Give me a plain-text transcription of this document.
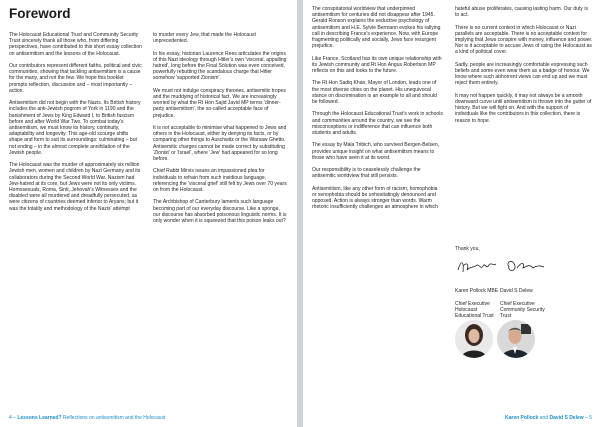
Foreword

The Holocaust Educational Trust and Community Security Trust sincerely thank all those who, from differing perspectives, have contributed to this short essay collection on antisemitism and the lessons of the Holocaust.

Our contributors represent different faiths, political and civic communities, showing that tackling antisemitism is a cause for the many, and not the few. We hope this booklet prompts reflection, discussion and – most importantly – action.

Antisemitism did not begin with the Nazis. Its British history includes the anti-Jewish pogrom of York in 1190 and the banishment of Jews by King Edward I, to British fascism before and after World War Two. To combat today's antisemitism, we must know its history, continuity, adaptability and longevity. This age-old scourge shifts shape and form to suit its surroundings: culminating – but not ending – in the almost complete annihilation of the Jewish people.

The Holocaust was the murder of approximately six million Jewish men, women and children by Nazi Germany and its collaborators during the Second World War. Nazism had Jew-hatred at its core, but Jews were not its only victims. Homosexuals, Roma, Sinti, Jehovah's Witnesses and the disabled were all murdered and dreadfully persecuted, as were citizens of countries deemed inferior to Aryans; but it was the totality and methodology of the Nazis' attempt

to murder every Jew, that made the Holocaust unprecedented.

In his essay, historian Laurence Rees articulates the origins of this Nazi ideology through Hitler's own 'visceral, appalling hatred', long before the Final Solution was even conceived, powerfully rebutting the scandalous charge that Hitler somehow 'supported Zionism'.

We must not indulge conspiracy theories, antisemitic tropes and the muddying of historical fact. We are increasingly worried by what the Rt Hon Sajid Javid MP terms 'dinner-party antisemitism', the so-called acceptable face of prejudice.

It is not acceptable to minimise what happened to Jews and others in the Holocaust, either by denying its facts, or by comparing other things to Auschwitz or the Warsaw Ghetto. Antisemitic charges cannot be made correct by substituting 'Zionist' or 'Israel', where 'Jew' had appeared for so long before.

Chief Rabbi Mirvis issues an impassioned plea for individuals to refrain from such insidious language, referencing the 'visceral grief' still felt by Jews over 70 years on from the Holocaust.

The Archbishop of Canterbury laments such language becoming part of our everyday discourse. Like a sponge, our discourse has absorbed poisonous linguistic norms. It is only wonder when it is squeezed that this poison leaks out?

4 – Lessons Learned? Reflections on antisemitism and the Holocaust

The conspiratorial worldview that underpinned antisemitism for centuries did not disappear after 1945. Gerald Ronson explains the seductive psychology of antisemitism and H.E. Sylvie Bermann evokes his rallying call in describing France's experience. Now, with Europe fragmenting politically and socially, Jews face resurgent prejudice.

Like France, Scotland has its own unique relationship with its Jewish community and Rt Hon Angus Robertson MP reflects on this and looks to the future.

The Rt Hon Sadiq Khan, Mayor of London, leads one of the most diverse cities on the planet. His unequivocal stance on discrimination is an example to all and should be followed.

Through the Holocaust Educational Trust's work in schools and communities around the country, we see the misconceptions or indifference that can influence both students and adults.

The essay by Mala Tribich, who survived Bergen-Belsen, provides unique insight on what antisemitism means to those who have seen it at its worst.

Our responsibility is to ceaselessly challenge the antisemitic worldview that still persists.

Antisemitism, like any other form of racism, homophobia or xenophobia should be unhesitatingly denounced and opposed. Action is always stronger than words. Warm rhetoric insufficiently challenges an atmosphere in which

hateful abuse proliferates, causing lasting harm. Our duty is to act.

There is no current context in which Holocaust or Nazi parallels are acceptable. There is no acceptable context for implying that Jews conspire with money, influence and power. Nor is it acceptable to accuse Jews of using the Holocaust as a kind of political cover.

Sadly, people are increasingly comfortable expressing such beliefs and some even wear them as a badge of honour. We know where such abhorrent views can end up and we must reject them entirely.

It may not happen quickly, it may not always be a smooth downward curve until antisemitism is thrown into the gutter of history. But we will fight on. And with the support of individuals like the contributors in this collection, there is reason to hope.

Thank you,

Karen Pollock MBE

Chief Executive
Holocaust
Educational Trust

David S Delew

Chief Executive
Community Security
Trust

Karen Pollock and David S Delew – 5
